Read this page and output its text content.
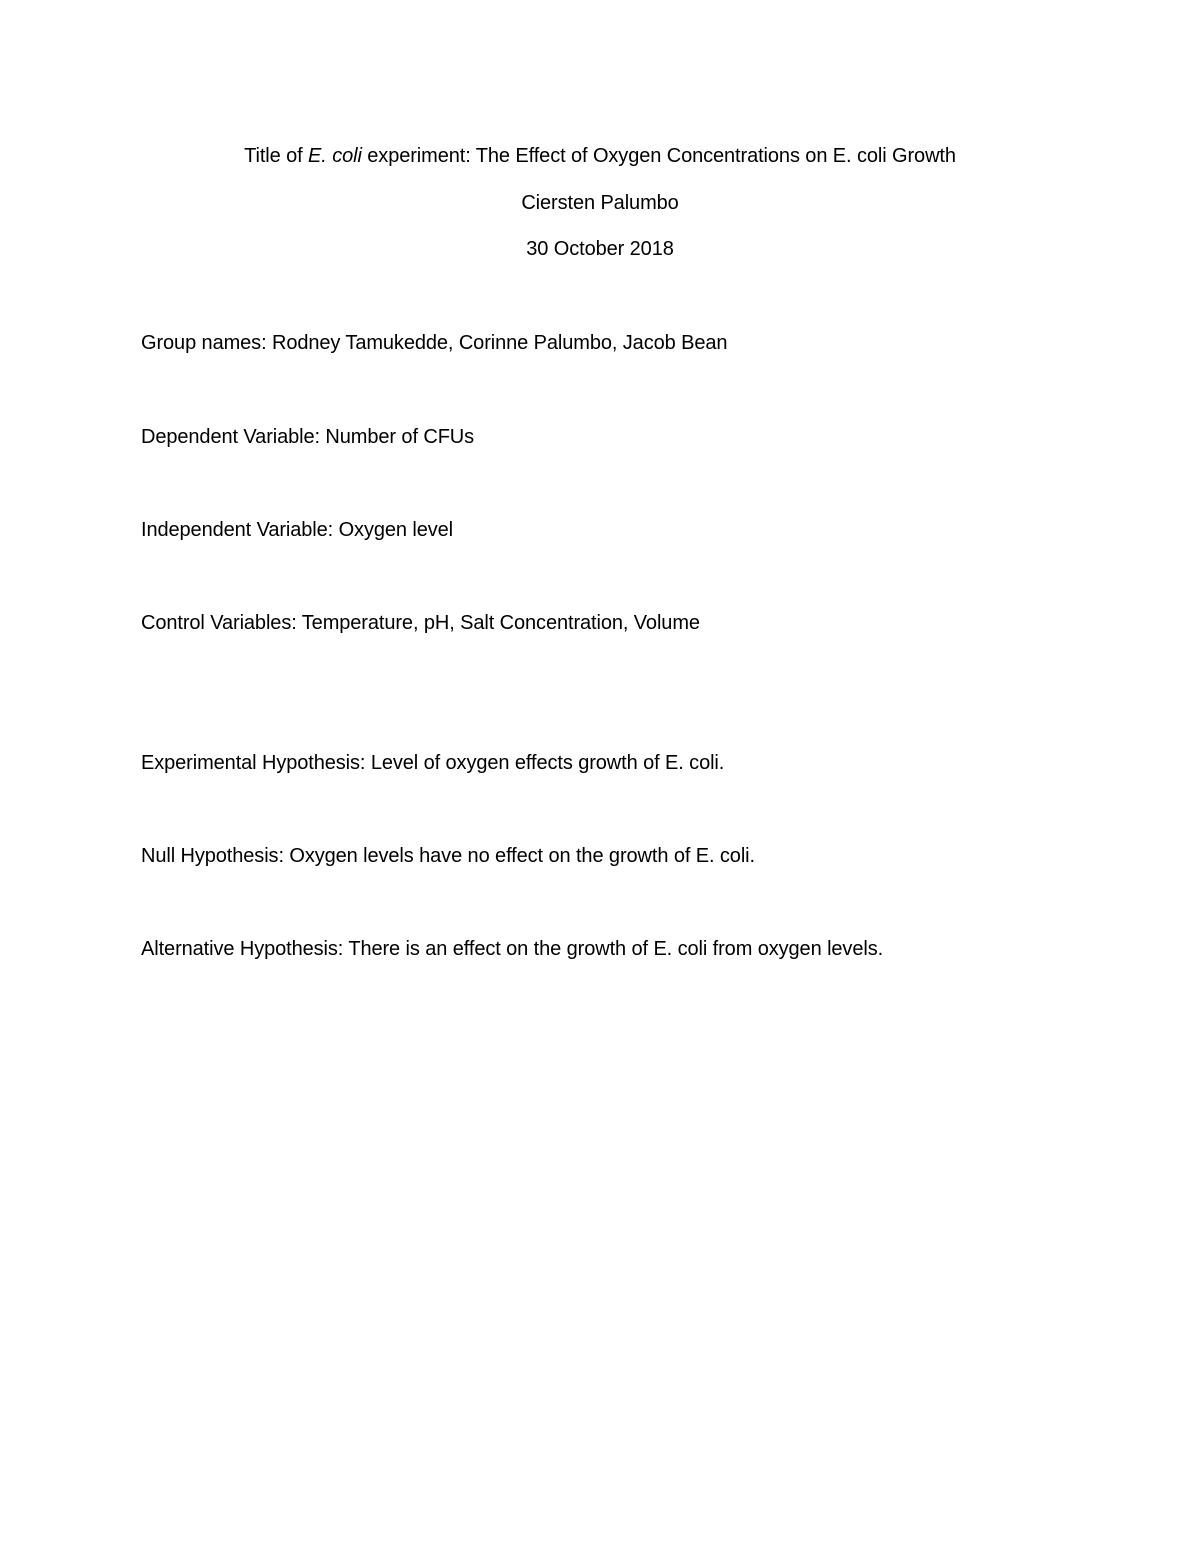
Title of E. coli experiment: The Effect of Oxygen Concentrations on E. coli Growth
Ciersten Palumbo
30 October 2018
Group names: Rodney Tamukedde, Corinne Palumbo, Jacob Bean
Dependent Variable: Number of CFUs
Independent Variable: Oxygen level
Control Variables: Temperature, pH, Salt Concentration, Volume
Experimental Hypothesis: Level of oxygen effects growth of E. coli.
Null Hypothesis: Oxygen levels have no effect on the growth of E. coli.
Alternative Hypothesis: There is an effect on the growth of E. coli from oxygen levels.
